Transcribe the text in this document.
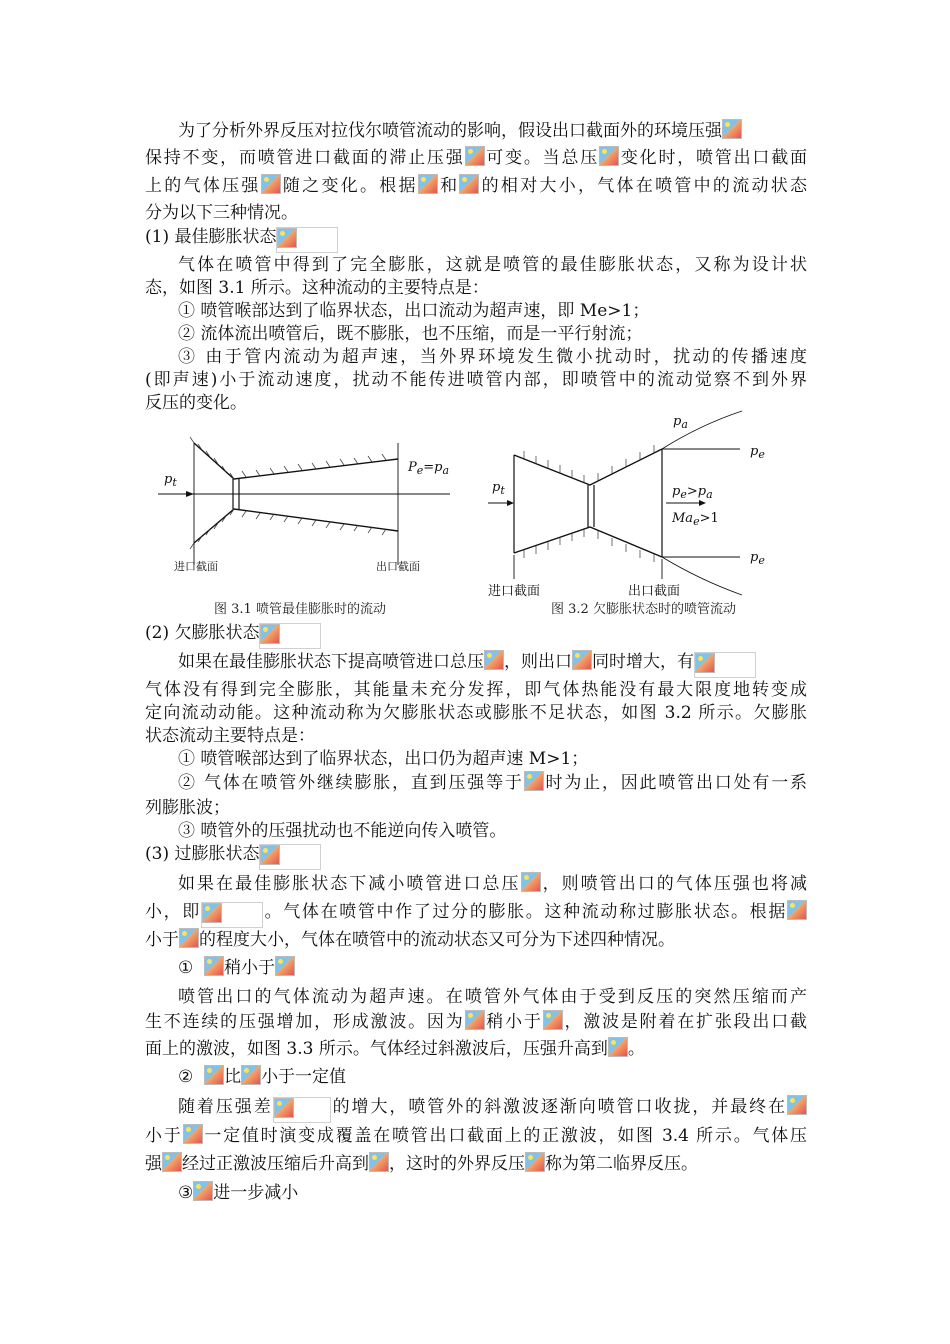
为了分析外界反压对拉伐尔喷管流动的影响，假设出口截面外的环境压强
保持不变，而喷管进口截面的滞止压强 可变。当总压 变化时，喷管出口截面
上的气体压强 随之变化。根据 和 的相对大小，气体在喷管中的流动状态
分为以下三种情况。
(1) 最佳膨胀状态
气体在喷管中得到了完全膨胀，这就是喷管的最佳膨胀状态，又称为设计状
态，如图 3.1 所示。这种流动的主要特点是：
① 喷管喉部达到了临界状态，出口流动为超声速，即 Me>1；
② 流体流出喷管后，既不膨胀，也不压缩，而是一平行射流；
③ 由于管内流动为超声速，当外界环境发生微小扰动时，扰动的传播速度
(即声速)小于流动速度，扰动不能传进喷管内部，即喷管中的流动觉察不到外界
反压的变化。
$p_t$
$P_e=p_a$
进口截面	出口截面
图 3.1 喷管最佳膨胀时的流动
$p_a$
$p_e$
$p_e$
$p_t$	$p_e>p_a$
$Ma_e>1$
进口截面	出口截面
图 3.2 欠膨胀状态时的喷管流动
(2) 欠膨胀状态
如果在最佳膨胀状态下提高喷管进口总压 ，则出口 同时增大，有
气体没有得到完全膨胀，其能量未充分发挥，即气体热能没有最大限度地转变成
定向流动动能。这种流动称为欠膨胀状态或膨胀不足状态，如图 3.2 所示。欠膨胀
状态流动主要特点是：
① 喷管喉部达到了临界状态，出口仍为超声速 M>1；
② 气体在喷管外继续膨胀，直到压强等于 时为止，因此喷管出口处有一系
列膨胀波；
③ 喷管外的压强扰动也不能逆向传入喷管。
(3) 过膨胀状态
如果在最佳膨胀状态下减小喷管进口总压 ，则喷管出口的气体压强也将减
小，即	。气体在喷管中作了过分的膨胀。这种流动称过膨胀状态。根据
小于 的程度大小，气体在喷管中的流动状态又可分为下述四种情况。
① 稍小于
喷管出口的气体流动为超声速。在喷管外气体由于受到反压的突然压缩而产
生不连续的压强增加，形成激波。因为 稍小于 ，激波是附着在扩张段出口截
面上的激波，如图 3.3 所示。气体经过斜激波后，压强升高到 。
② 比 小于一定值
随着压强差	的增大，喷管外的斜激波逐渐向喷管口收拢，并最终在
小于 一定值时演变成覆盖在喷管出口截面上的正激波，如图 3.4 所示。气体压
强 经过正激波压缩后升高到 ，这时的外界反压 称为第二临界反压。
③ 进一步减小
